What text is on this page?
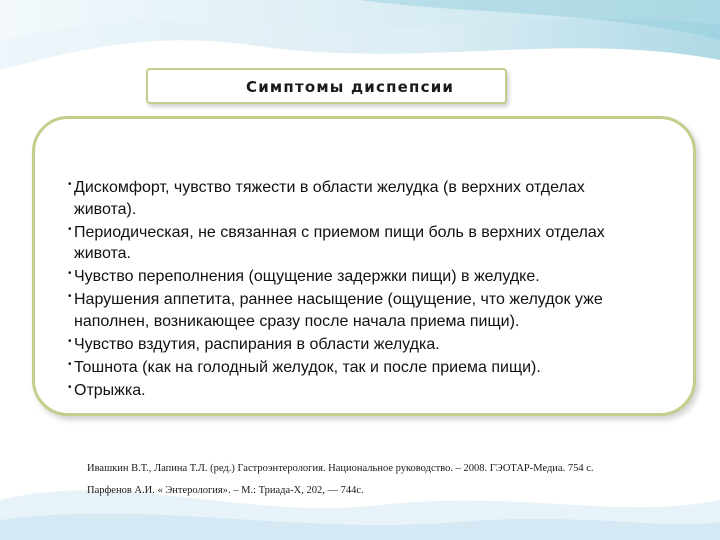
Симптомы диспепсии
• Дискомфорт, чувство тяжести в области желудка (в верхних отделах живота).
• Периодическая, не связанная с приемом пищи боль в верхних отделах живота.
• Чувство переполнения (ощущение задержки пищи) в желудке.
• Нарушения аппетита, раннее насыщение (ощущение, что желудок уже наполнен, возникающее сразу после начала приема пищи).
• Чувство вздутия, распирания в области желудка.
• Тошнота (как на голодный желудок, так и после приема пищи).
• Отрыжка.
Ивашкин В.Т., Лапина Т.Л. (ред.) Гастроэнтерология. Национальное руководство. – 2008. ГЭОТАР-Медиа. 754 с.
Парфенов А.И. « Энтерология». – М.: Триада-Х, 202, — 744с.
